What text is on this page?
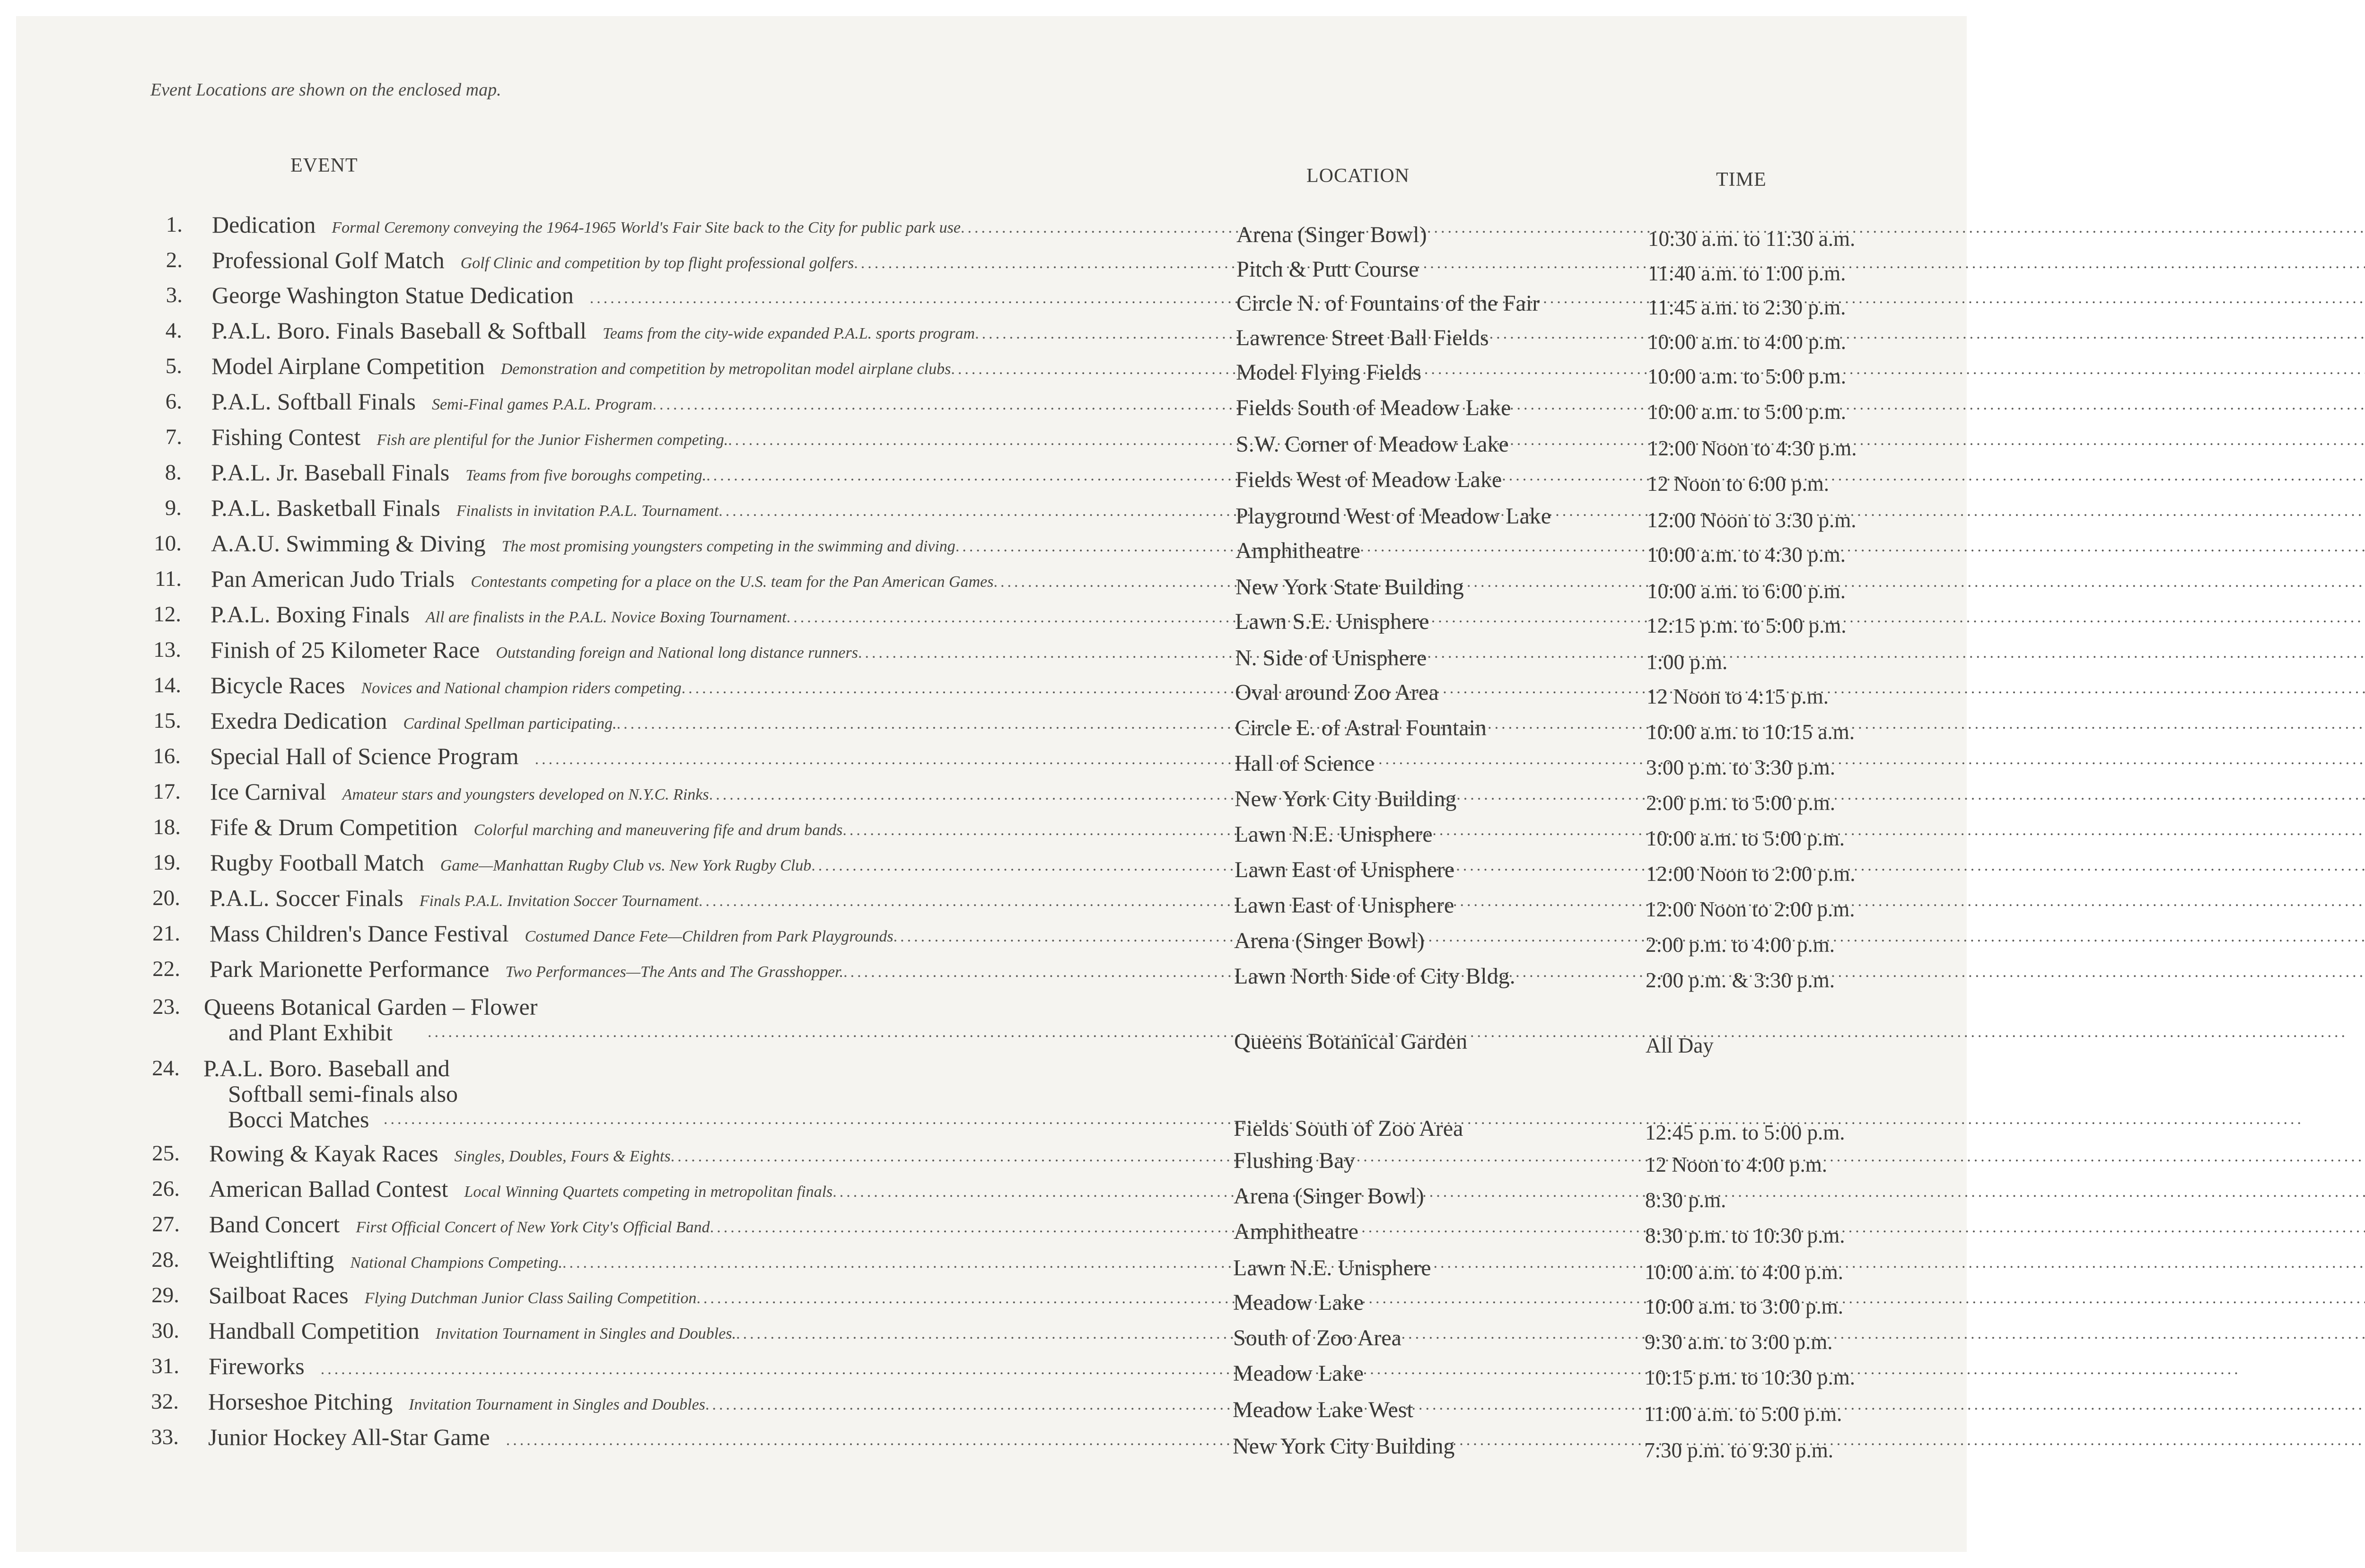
Event Locations are shown on the enclosed map.
EVENT	LOCATION	TIME
1. Dedication	Formal Ceremony conveying the 1964-1965 World's Fair Site back to the City for public park use .....	Arena (Singer Bowl)	10:30 a.m. to 11:30 a.m.
2. Professional Golf Match	Golf Clinic and competition by top flight professional golfers .....	Pitch & Putt Course	11:40 a.m. to 1:00 p.m.
3. George Washington Statue Dedication .....	Circle N. of Fountains of the Fair	11:45 a.m. to 2:30 p.m.
4. P.A.L. Boro. Finals Baseball & Softball	Teams from the city-wide expanded P.A.L. sports program .....	Lawrence Street Ball Fields	10:00 a.m. to 4:00 p.m.
5. Model Airplane Competition	Demonstration and competition by metropolitan model airplane clubs .....	Model Flying Fields	10:00 a.m. to 5:00 p.m.
6. P.A.L. Softball Finals	Semi-Final games P.A.L. Program .....	Fields South of Meadow Lake	10:00 a.m. to 5:00 p.m.
7. Fishing Contest	Fish are plentiful for the Junior Fishermen competing. .....	S.W. Corner of Meadow Lake	12:00 Noon to 4:30 p.m.
8. P.A.L. Jr. Baseball Finals	Teams from five boroughs competing. .....	Fields West of Meadow Lake	12 Noon to 6:00 p.m.
9. P.A.L. Basketball Finals	Finalists in invitation P.A.L. Tournament .....	Playground West of Meadow Lake	12:00 Noon to 3:30 p.m.
10. A.A.U. Swimming & Diving	The most promising youngsters competing in the swimming and diving .....	Amphitheatre	10:00 a.m. to 4:30 p.m.
11. Pan American Judo Trials	Contestants competing for a place on the U.S. team for the Pan American Games .....	New York State Building	10:00 a.m. to 6:00 p.m.
12. P.A.L. Boxing Finals	All are finalists in the P.A.L. Novice Boxing Tournament .....	Lawn S.E. Unisphere	12:15 p.m. to 5:00 p.m.
13. Finish of 25 Kilometer Race	Outstanding foreign and National long distance runners .....	N. Side of Unisphere	1:00 p.m.
14. Bicycle Races	Novices and National champion riders competing .....	Oval around Zoo Area	12 Noon to 4:15 p.m.
15. Exedra Dedication	Cardinal Spellman participating. .....	Circle E. of Astral Fountain	10:00 a.m. to 10:15 a.m.
16. Special Hall of Science Program .....	Hall of Science	3:00 p.m. to 3:30 p.m.
17. Ice Carnival	Amateur stars and youngsters developed on N.Y.C. Rinks .....	New York City Building	2:00 p.m. to 5:00 p.m.
18. Fife & Drum Competition	Colorful marching and maneuvering fife and drum bands .....	Lawn N.E. Unisphere	10:00 a.m. to 5:00 p.m.
19. Rugby Football Match	Game—Manhattan Rugby Club vs. New York Rugby Club .....	Lawn East of Unisphere	12:00 Noon to 2:00 p.m.
20. P.A.L. Soccer Finals	Finals P.A.L. Invitation Soccer Tournament .....	Lawn East of Unisphere	12:00 Noon to 2:00 p.m.
21. Mass Children's Dance Festival	Costumed Dance Fete—Children from Park Playgrounds .....	Arena (Singer Bowl)	2:00 p.m. to 4:00 p.m.
22. Park Marionette Performance	Two Performances—The Ants and The Grasshopper. .....	Lawn North Side of City Bldg.	2:00 p.m. & 3:30 p.m.
23. Queens Botanical Garden – Flower
and Plant Exhibit .....	Queens Botanical Garden	All Day
24. P.A.L. Boro. Baseball and
Softball semi-finals also
Bocci Matches .....	Fields South of Zoo Area	12:45 p.m. to 5:00 p.m.
25. Rowing & Kayak Races	Singles, Doubles, Fours & Eights .....	Flushing Bay	12 Noon to 4:00 p.m.
26. American Ballad Contest	Local Winning Quartets competing in metropolitan finals .....	Arena (Singer Bowl)	8:30 p.m.
27. Band Concert	First Official Concert of New York City's Official Band .....	Amphitheatre	8:30 p.m. to 10:30 p.m.
28. Weightlifting	National Champions Competing. .....	Lawn N.E. Unisphere	10:00 a.m. to 4:00 p.m.
29. Sailboat Races	Flying Dutchman Junior Class Sailing Competition .....	Meadow Lake	10:00 a.m. to 3:00 p.m.
30. Handball Competition	Invitation Tournament in Singles and Doubles. .....	South of Zoo Area	9:30 a.m. to 3:00 p.m.
31. Fireworks .....	Meadow Lake	10:15 p.m. to 10:30 p.m.
32. Horseshoe Pitching	Invitation Tournament in Singles and Doubles .....	Meadow Lake West	11:00 a.m. to 5:00 p.m.
33. Junior Hockey All-Star Game .....	New York City Building	7:30 p.m. to 9:30 p.m.
